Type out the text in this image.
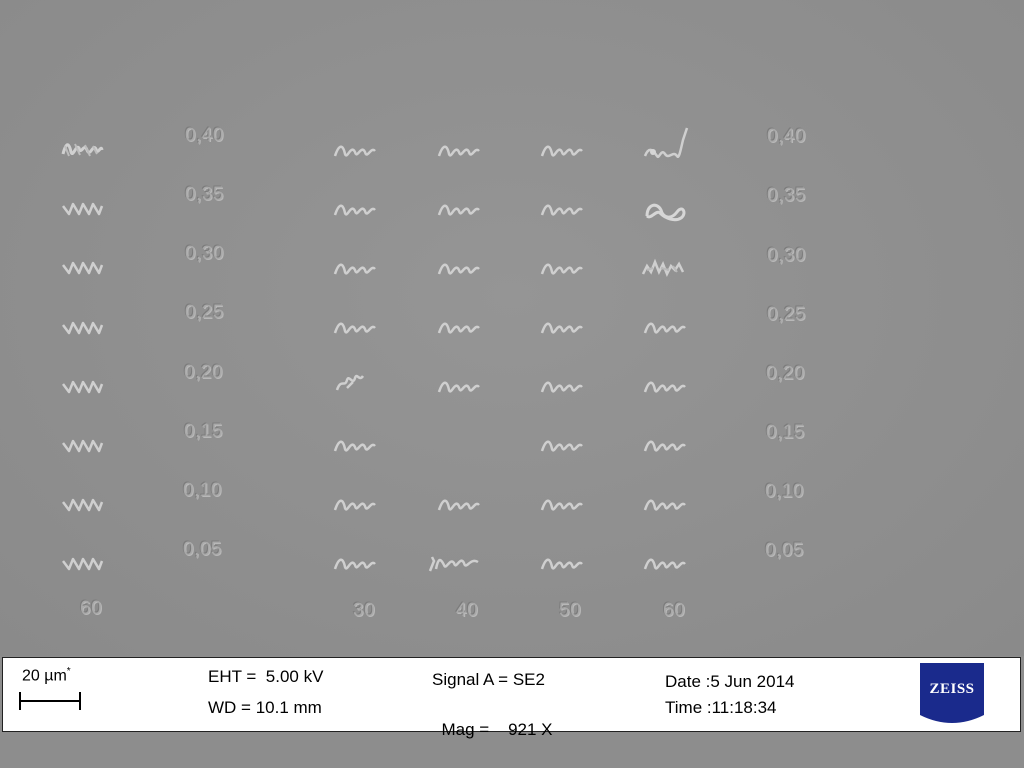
0,40
0,35
0,30
0,25
0,20
0,15
0,10
0,05
0,40
0,35
0,30
0,25
0,20
0,15
0,10
0,05
60	30	40	50	60
20 µm*	EHT =  5.00 kV
WD = 10.1 mm
Signal A = SE2

Mag =    921 X

Date :5 Jun 2014
Time :11:18:34
ZEISS
